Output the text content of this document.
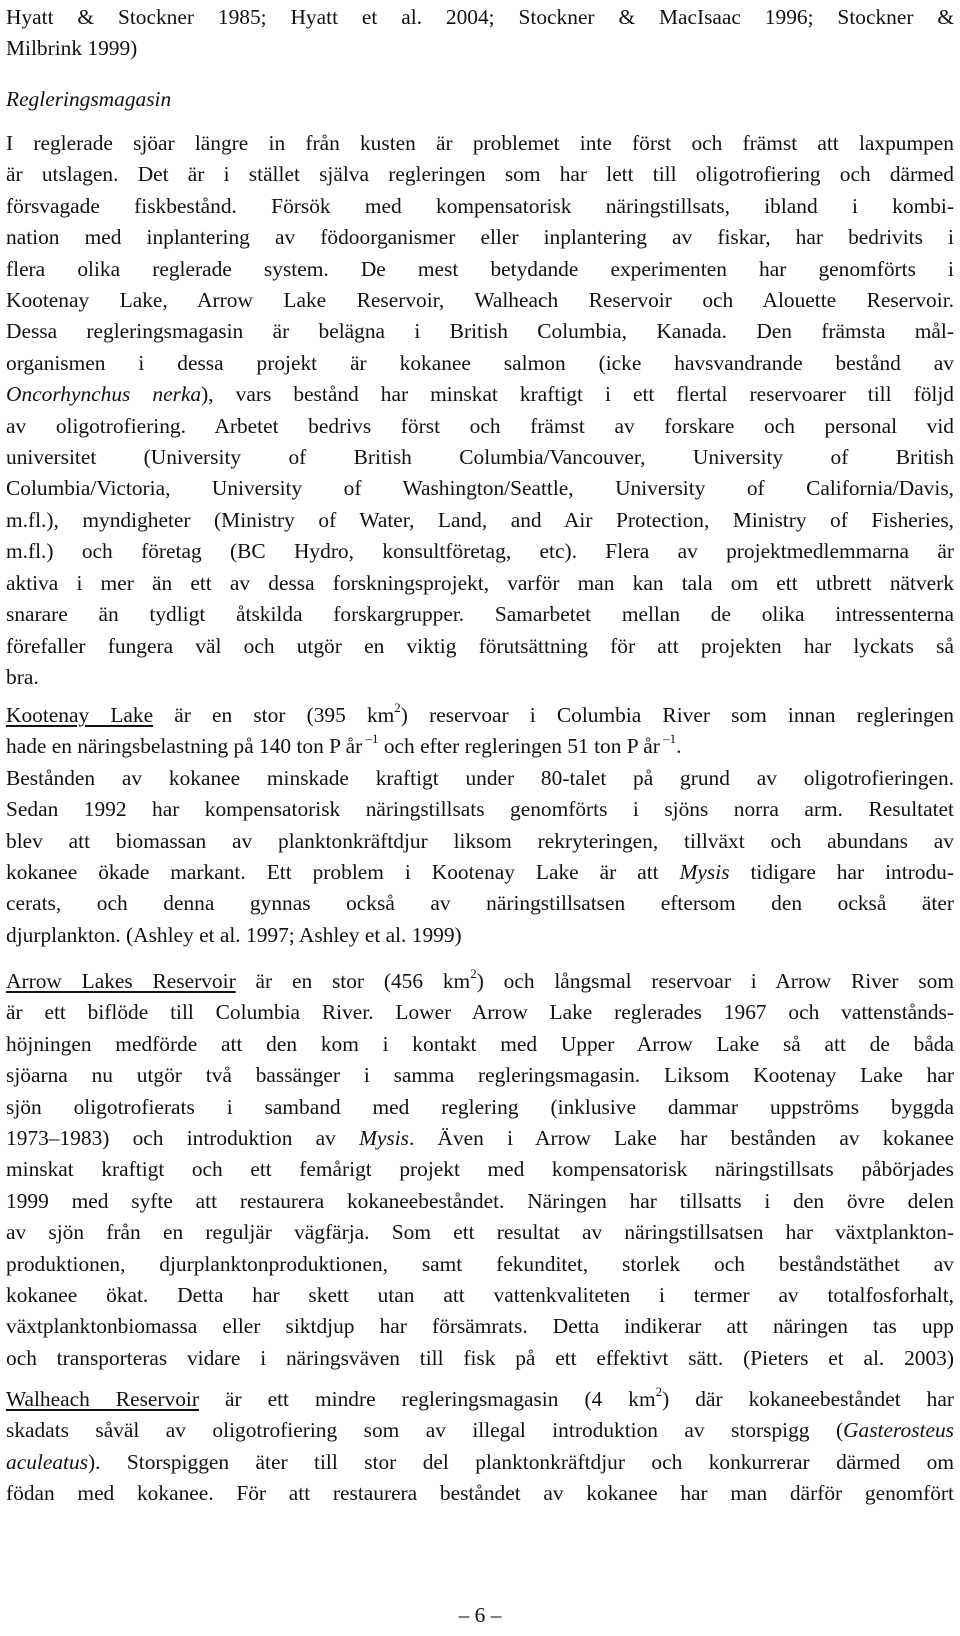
Hyatt & Stockner 1985; Hyatt et al. 2004; Stockner & MacIsaac 1996; Stockner &
Milbrink 1999)
Regleringsmagasin
I reglerade sjöar längre in från kusten är problemet inte först och främst att laxpumpen
är utslagen. Det är i stället själva regleringen som har lett till oligotrofiering och därmed
försvagade fiskbestånd. Försök med kompensatorisk näringstillsats, ibland i kombi-
nation med inplantering av födoorganismer eller inplantering av fiskar, har bedrivits i
flera olika reglerade system. De mest betydande experimenten har genomförts i
Kootenay Lake, Arrow Lake Reservoir, Walheach Reservoir och Alouette Reservoir.
Dessa regleringsmagasin är belägna i British Columbia, Kanada. Den främsta mål-
organismen i dessa projekt är kokanee salmon (icke havsvandrande bestånd av
Oncorhynchus nerka), vars bestånd har minskat kraftigt i ett flertal reservoarer till följd
av oligotrofiering. Arbetet bedrivs först och främst av forskare och personal vid
universitet (University of British Columbia/Vancouver, University of British
Columbia/Victoria, University of Washington/Seattle, University of California/Davis,
m.fl.), myndigheter (Ministry of Water, Land, and Air Protection, Ministry of Fisheries,
m.fl.) och företag (BC Hydro, konsultföretag, etc). Flera av projektmedlemmarna är
aktiva i mer än ett av dessa forskningsprojekt, varför man kan tala om ett utbrett nätverk
snarare än tydligt åtskilda forskargrupper. Samarbetet mellan de olika intressenterna
förefaller fungera väl och utgör en viktig förutsättning för att projekten har lyckats så
bra.
Kootenay Lake är en stor (395 $km^2$) reservoar i Columbia River som innan regleringen
hade en näringsbelastning på 140 ton P år $^{-1}$ och efter regleringen 51 ton P år $^{-1}$.
Bestånden av kokanee minskade kraftigt under 80-talet på grund av oligotrofieringen.
Sedan 1992 har kompensatorisk näringstillsats genomförts i sjöns norra arm. Resultatet
blev att biomassan av planktonkräftdjur liksom rekryteringen, tillväxt och abundans av
kokanee ökade markant. Ett problem i Kootenay Lake är att Mysis tidigare har introdu-
cerats, och denna gynnas också av näringstillsatsen eftersom den också äter
djurplankton. (Ashley et al. 1997; Ashley et al. 1999)
Arrow Lakes Reservoir är en stor (456 $km^2$) och långsmal reservoar i Arrow River som
är ett biflöde till Columbia River. Lower Arrow Lake reglerades 1967 och vattenstånds-
höjningen medförde att den kom i kontakt med Upper Arrow Lake så att de båda
sjöarna nu utgör två bassänger i samma regleringsmagasin. Liksom Kootenay Lake har
sjön oligotrofierats i samband med reglering (inklusive dammar uppströms byggda
1973–1983) och introduktion av Mysis. Även i Arrow Lake har bestånden av kokanee
minskat kraftigt och ett femårigt projekt med kompensatorisk näringstillsats påbörjades
1999 med syfte att restaurera kokaneebeståndet. Näringen har tillsatts i den övre delen
av sjön från en reguljär vägfärja. Som ett resultat av näringstillsatsen har växtplankton-
produktionen, djurplanktonproduktionen, samt fekunditet, storlek och beståndstäthet av
kokanee ökat. Detta har skett utan att vattenkvaliteten i termer av totalfosforhalt,
växtplanktonbiomassa eller siktdjup har försämrats. Detta indikerar att näringen tas upp
och transporteras vidare i näringsväven till fisk på ett effektivt sätt. (Pieters et al. 2003)
Walheach Reservoir är ett mindre regleringsmagasin (4 $km^2$) där kokaneebeståndet har
skadats såväl av oligotrofiering som av illegal introduktion av storspigg (Gasterosteus
aculeatus). Storspiggen äter till stor del planktonkräftdjur och konkurrerar därmed om
födan med kokanee. För att restaurera beståndet av kokanee har man därför genomfört
– 6 –
